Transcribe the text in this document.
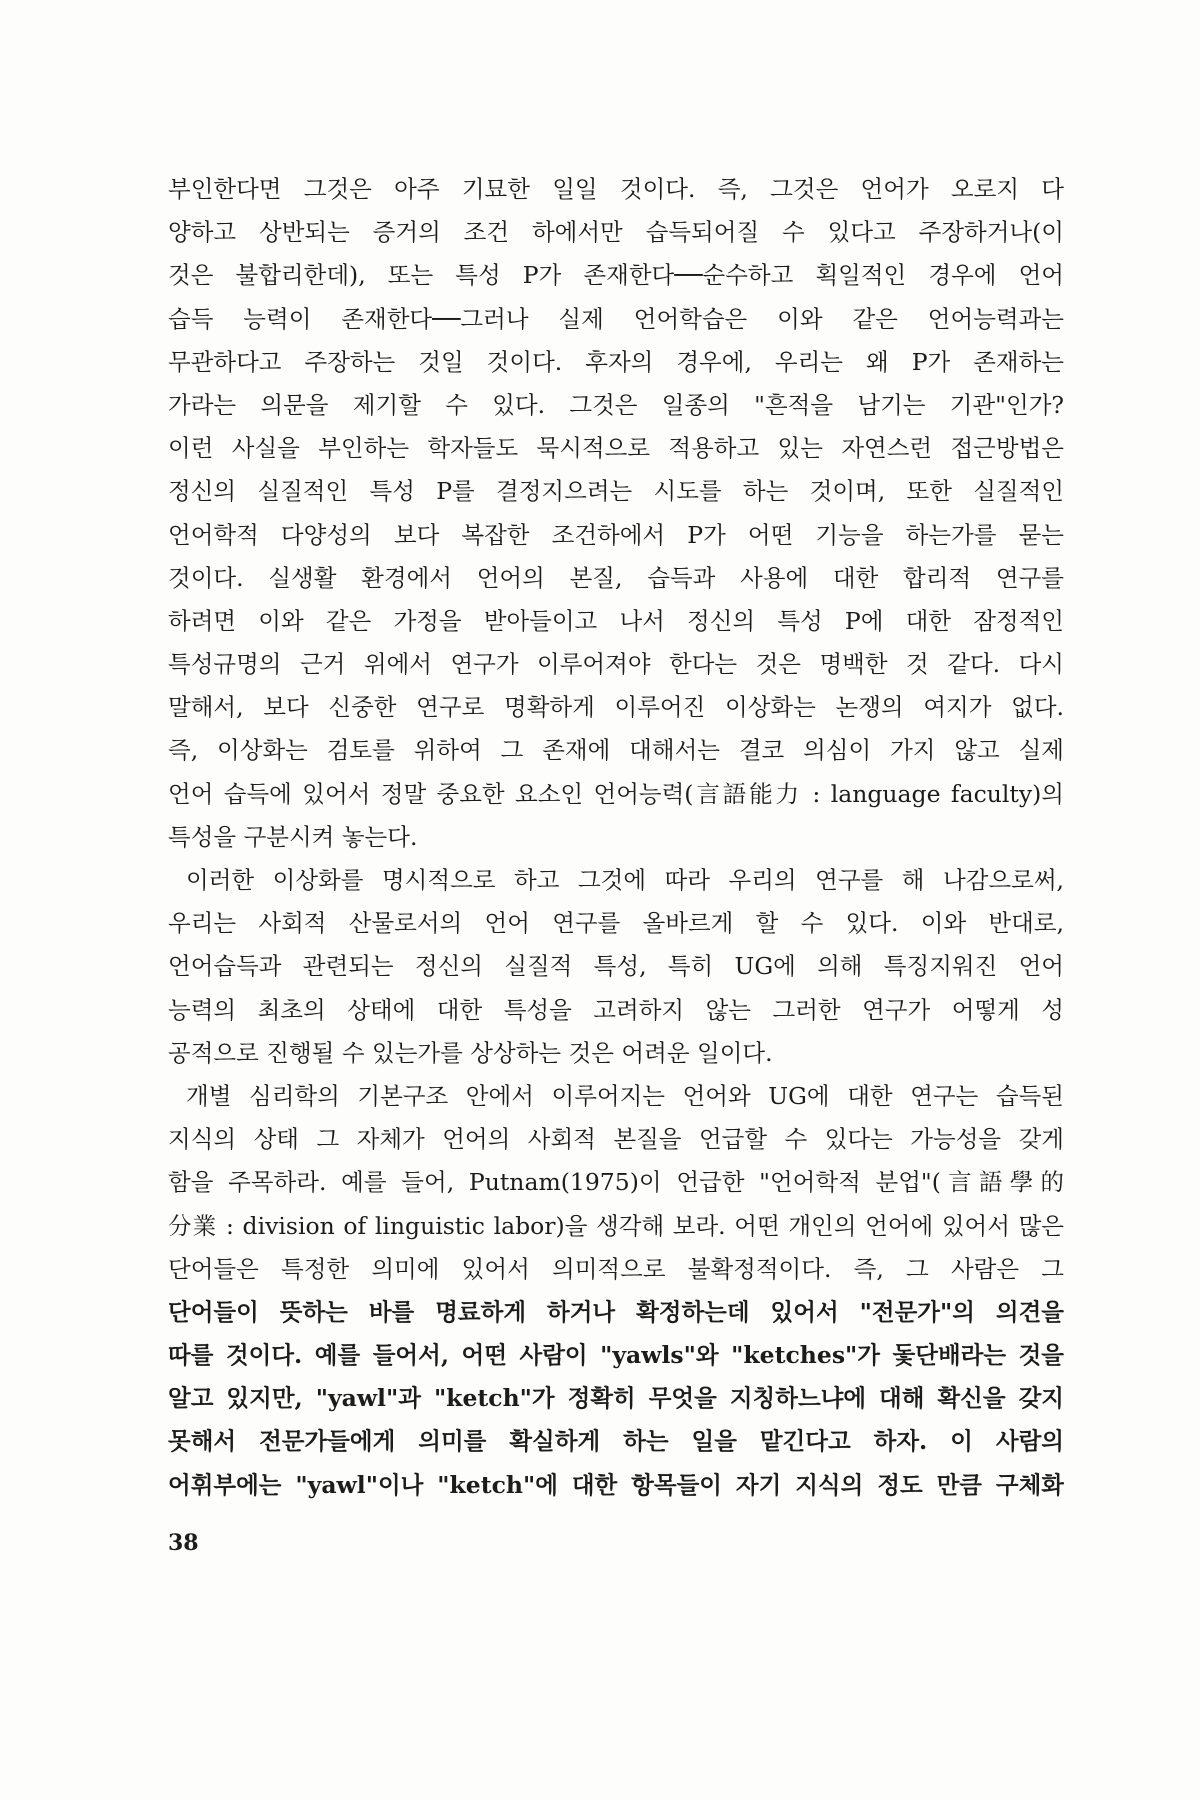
부인한다면 그것은 아주 기묘한 일일 것이다. 즉, 그것은 언어가 오로지 다
양하고 상반되는 증거의 조건 하에서만 습득되어질 수 있다고 주장하거나(이
것은 불합리한데), 또는 특성 P가 존재한다──순수하고 획일적인 경우에 언어
습득 능력이 존재한다──그러나 실제 언어학습은 이와 같은 언어능력과는
무관하다고 주장하는 것일 것이다. 후자의 경우에, 우리는 왜 P가 존재하는
가라는 의문을 제기할 수 있다. 그것은 일종의 "흔적을 남기는 기관"인가?
이런 사실을 부인하는 학자들도 묵시적으로 적용하고 있는 자연스런 접근방법은
정신의 실질적인 특성 P를 결정지으려는 시도를 하는 것이며, 또한 실질적인
언어학적 다양성의 보다 복잡한 조건하에서 P가 어떤 기능을 하는가를 묻는
것이다. 실생활 환경에서 언어의 본질, 습득과 사용에 대한 합리적 연구를
하려면 이와 같은 가정을 받아들이고 나서 정신의 특성 P에 대한 잠정적인
특성규명의 근거 위에서 연구가 이루어져야 한다는 것은 명백한 것 같다. 다시
말해서, 보다 신중한 연구로 명확하게 이루어진 이상화는 논쟁의 여지가 없다.
즉, 이상화는 검토를 위하여 그 존재에 대해서는 결코 의심이 가지 않고 실제
언어 습득에 있어서 정말 중요한 요소인 언어능력(言語能力 : language faculty)의
특성을 구분시켜 놓는다.
이러한 이상화를 명시적으로 하고 그것에 따라 우리의 연구를 해 나감으로써,
우리는 사회적 산물로서의 언어 연구를 올바르게 할 수 있다. 이와 반대로,
언어습득과 관련되는 정신의 실질적 특성, 특히 UG에 의해 특징지워진 언어
능력의 최초의 상태에 대한 특성을 고려하지 않는 그러한 연구가 어떻게 성
공적으로 진행될 수 있는가를 상상하는 것은 어려운 일이다.
개별 심리학의 기본구조 안에서 이루어지는 언어와 UG에 대한 연구는 습득된
지식의 상태 그 자체가 언어의 사회적 본질을 언급할 수 있다는 가능성을 갖게
함을 주목하라. 예를 들어, Putnam(1975)이 언급한 "언어학적 분업"(言語學的
分業 : division of linguistic labor)을 생각해 보라. 어떤 개인의 언어에 있어서 많은
단어들은 특정한 의미에 있어서 의미적으로 불확정적이다. 즉, 그 사람은 그
단어들이 뜻하는 바를 명료하게 하거나 확정하는데 있어서 "전문가"의 의견을
따를 것이다. 예를 들어서, 어떤 사람이 "yawls"와 "ketches"가 돛단배라는 것을
알고 있지만, "yawl"과 "ketch"가 정확히 무엇을 지칭하느냐에 대해 확신을 갖지
못해서 전문가들에게 의미를 확실하게 하는 일을 맡긴다고 하자. 이 사람의
어휘부에는 "yawl"이나 "ketch"에 대한 항목들이 자기 지식의 정도 만큼 구체화
38
